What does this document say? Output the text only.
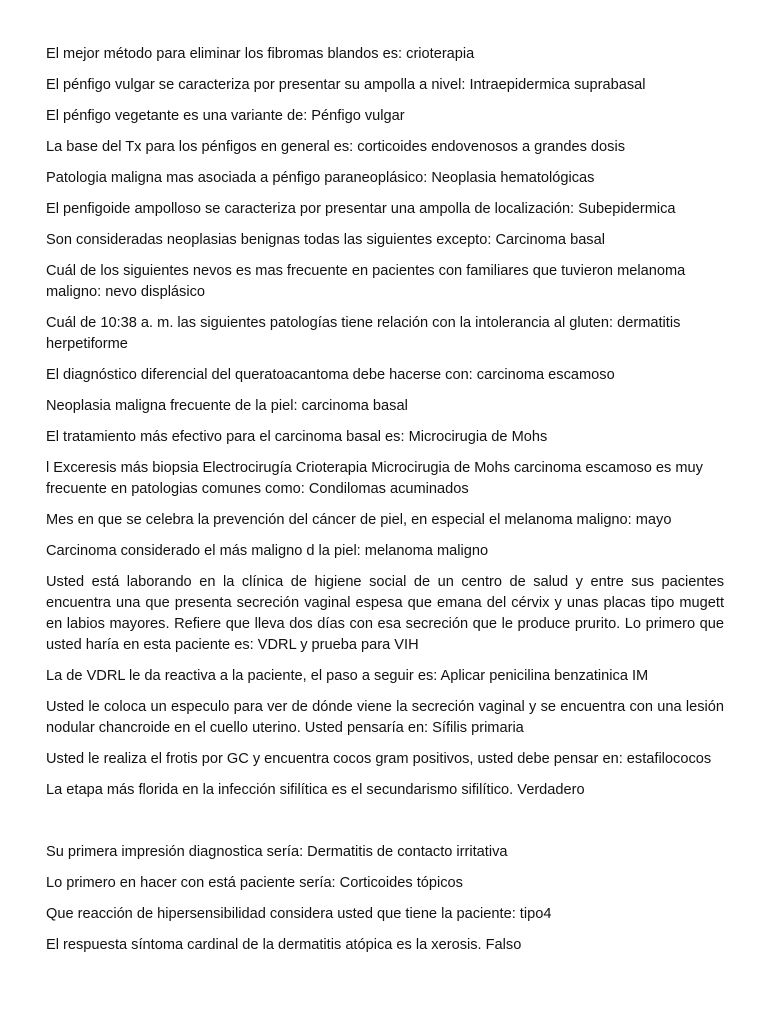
El mejor método para eliminar los fibromas blandos es: crioterapia

El pénfigo vulgar se caracteriza por presentar su ampolla a nivel: Intraepidermica suprabasal

El pénfigo vegetante es una variante de: Pénfigo vulgar

La base del Tx para los pénfigos en general es: corticoides endovenosos a grandes dosis

Patologia maligna mas asociada a pénfigo paraneoplásico: Neoplasia hematológicas

El penfigoide ampolloso se caracteriza por presentar una ampolla de localización: Subepidermica

Son consideradas neoplasias benignas todas las siguientes excepto: Carcinoma basal

Cuál de los siguientes nevos es mas frecuente en pacientes con familiares que tuvieron melanoma maligno: nevo displásico

Cuál de 10:38 a. m. las siguientes patologías tiene relación con la intolerancia al gluten: dermatitis herpetiforme

El diagnóstico diferencial del queratoacantoma debe hacerse con: carcinoma escamoso

Neoplasia maligna frecuente de la piel: carcinoma basal

El tratamiento más efectivo para el carcinoma basal es: Microcirugia de Mohs

l Exceresis más biopsia Electrocirugía Crioterapia Microcirugia de Mohs carcinoma escamoso es muy frecuente en patologias comunes como: Condilomas acuminados

Mes en que se celebra la prevención del cáncer de piel, en especial el melanoma maligno: mayo

Carcinoma considerado el más maligno d la piel: melanoma maligno

Usted está laborando en la clínica de higiene social de un centro de salud y entre sus pacientes encuentra una que presenta secreción vaginal espesa que emana del cérvix y unas placas tipo mugett en labios mayores. Refiere que lleva dos días con esa secreción que le produce prurito. Lo primero que usted haría en esta paciente es: VDRL y prueba para VIH

La de VDRL le da reactiva a la paciente, el paso a seguir es: Aplicar penicilina benzatinica IM

Usted le coloca un especulo para ver de dónde viene la secreción vaginal y se encuentra con una lesión nodular chancroide en el cuello uterino. Usted pensaría en: Sífilis primaria

Usted le realiza el frotis por GC y encuentra cocos gram positivos, usted debe pensar en: estafilococos

La etapa más florida en la infección sifilítica es el secundarismo sifilítico. Verdadero

Su primera impresión diagnostica sería: Dermatitis de contacto irritativa

Lo primero en hacer con está paciente sería: Corticoides tópicos

Que reacción de hipersensibilidad considera usted que tiene la paciente: tipo4

El respuesta síntoma cardinal de la dermatitis atópica es la xerosis. Falso
